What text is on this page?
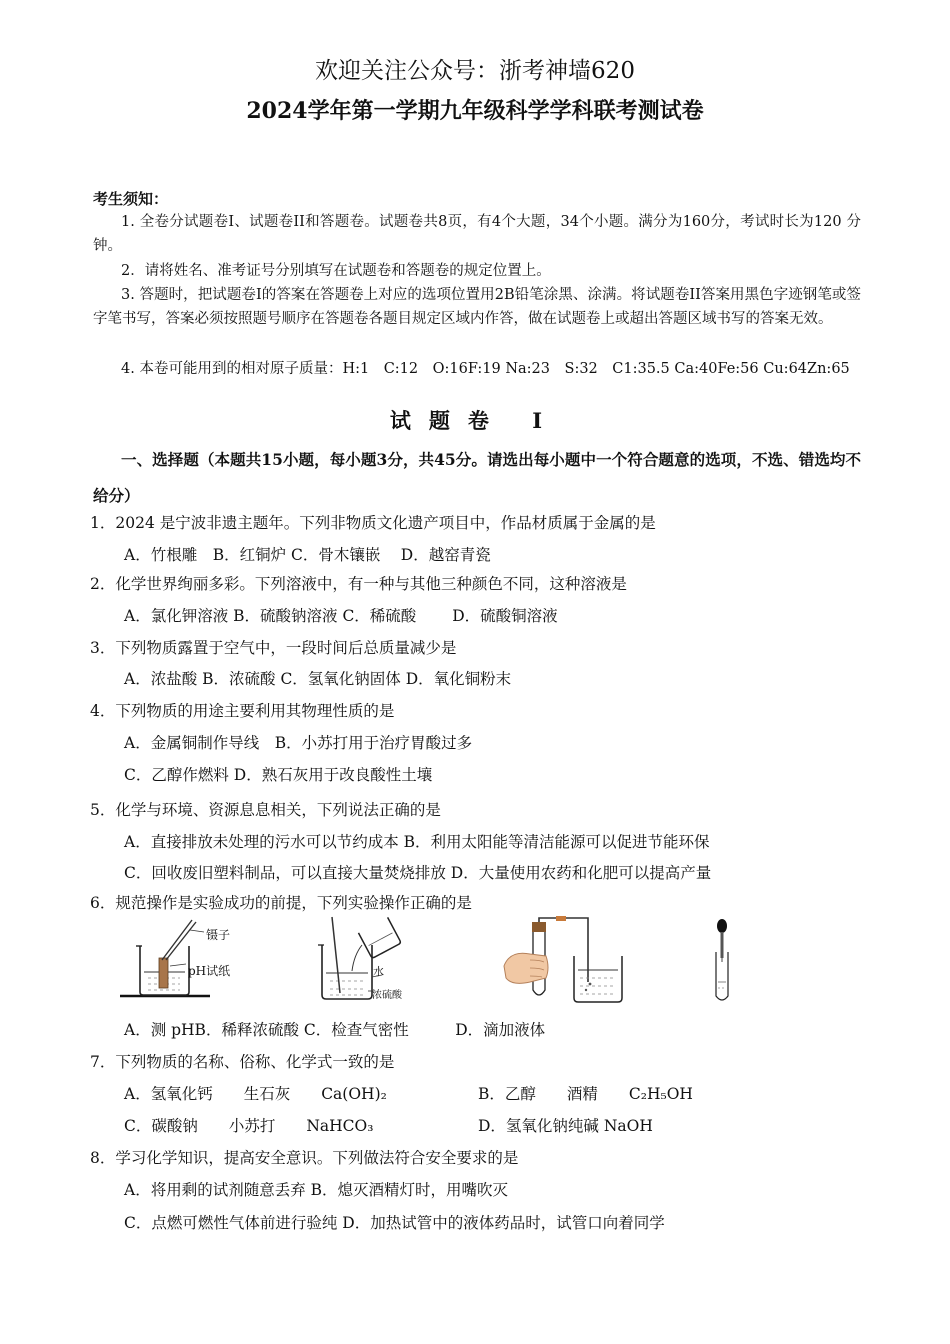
欢迎关注公众号：浙考神墙620
2024学年第一学期九年级科学学科联考测试卷
考生须知：
1. 全卷分试题卷I、试题卷II和答题卷。试题卷共8页，有4个大题，34个小题。满分为160分，考试时长为120 分钟。
2．请将姓名、准考证号分别填写在试题卷和答题卷的规定位置上。
3. 答题时，把试题卷I的答案在答题卷上对应的选项位置用2B铅笔涂黑、涂满。将试题卷II答案用黑色字迹钢笔或签字笔书写，答案必须按照题号顺序在答题卷各题目规定区域内作答，做在试题卷上或超出答题区域书写的答案无效。
4. 本卷可能用到的相对原子质量：H:1　C:12　O:16F:19 Na:23　S:32　C1:35.5 Ca:40Fe:56 Cu:64Zn:65
试题卷 I
一、选择题（本题共15小题，每小题3分，共45分。请选出每小题中一个符合题意的选项，不选、错选均不给分）
1．2024 是宁波非遗主题年。下列非物质文化遗产项目中，作品材质属于金属的是
A．竹根雕　B．红铜炉 C．骨木镶嵌　 D．越窑青瓷
2．化学世界绚丽多彩。下列溶液中，有一种与其他三种颜色不同，这种溶液是
A．氯化钾溶液 B．硫酸钠溶液 C．稀硫酸　　 D．硫酸铜溶液
3．下列物质露置于空气中，一段时间后总质量减少是
A．浓盐酸 B．浓硫酸 C．氢氧化钠固体 D．氧化铜粉末
4．下列物质的用途主要利用其物理性质的是
A．金属铜制作导线　B．小苏打用于治疗胃酸过多
C．乙醇作燃料 D．熟石灰用于改良酸性土壤
5．化学与环境、资源息息相关，下列说法正确的是
A．直接排放未处理的污水可以节约成本 B．利用太阳能等清洁能源可以促进节能环保
C．回收废旧塑料制品，可以直接大量焚烧排放 D．大量使用农药和化肥可以提高产量
6．规范操作是实验成功的前提，下列实验操作正确的是
镊子
pH试纸	水
浓硫酸
A．测 pHB．稀释浓硫酸 C．检查气密性　　　D．滴加液体
7．下列物质的名称、俗称、化学式一致的是
A．氢氧化钙　　生石灰　　Ca(OH)₂	B．乙醇　　酒精　　C₂H₅OH
C．碳酸钠　　小苏打　　NaHCO₃	D．氢氧化钠纯碱 NaOH
8．学习化学知识，提高安全意识。下列做法符合安全要求的是
A．将用剩的试剂随意丢弃 B．熄灭酒精灯时，用嘴吹灭
C．点燃可燃性气体前进行验纯 D．加热试管中的液体药品时，试管口向着同学
